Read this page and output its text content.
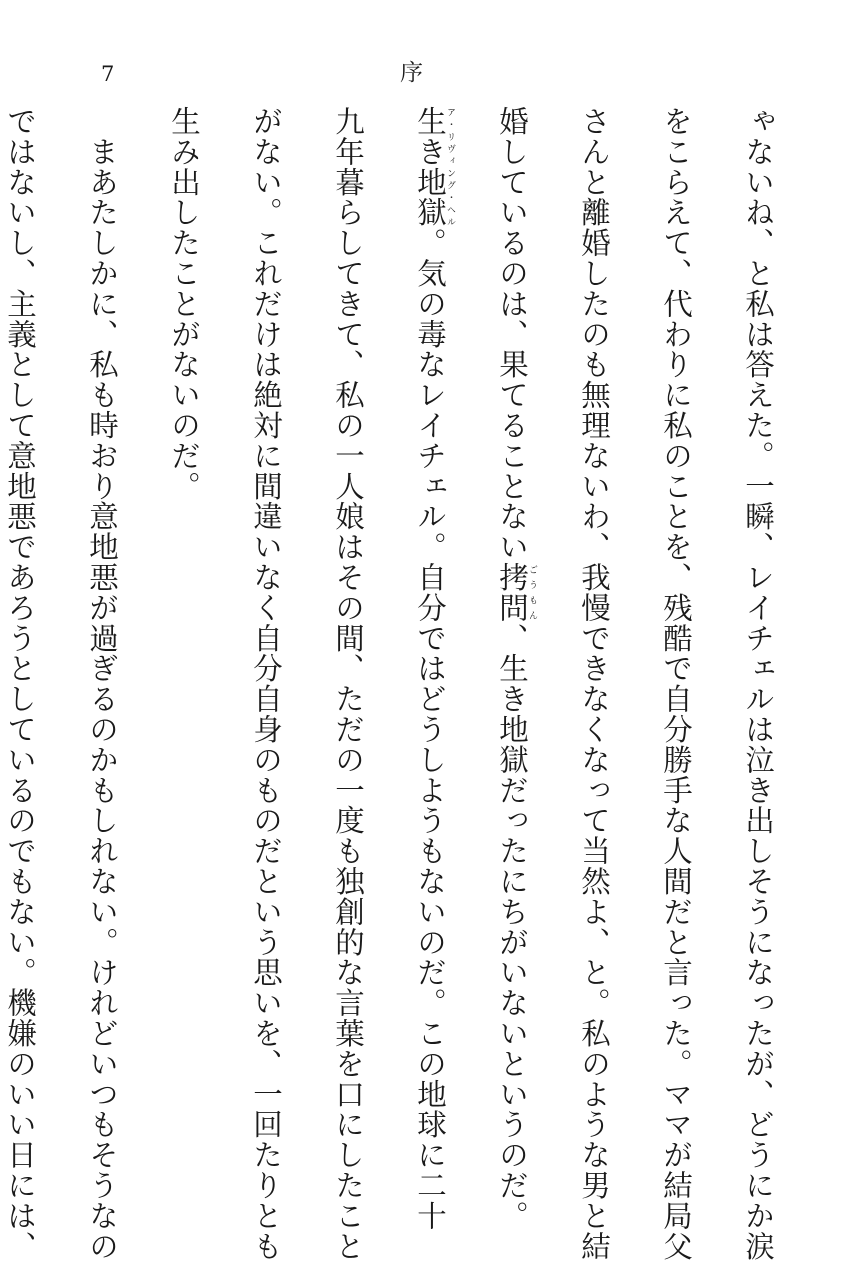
7	序
ゃないね、と私は答えた。一瞬、レイチェルは泣き出しそうになったが、どうにか涙
をこらえて、代わりに私のことを、残酷で自分勝手な人間だと言った。ママが結局父
さんと離婚したのも無理ないわ、我慢できなくなって当然よ、と。私のような男と結
婚しているのは、果てることない拷問ごうもん、生き地獄だったにちがいないというのだ。
生き地獄ア・リヴィング・ヘル。気の毒なレイチェル。自分ではどうしようもないのだ。この地球に二十
九年暮らしてきて、私の一人娘はその間、ただの一度も独創的な言葉を口にしたこと
がない。これだけは絶対に間違いなく自分自身のものだという思いを、一回たりとも
生み出したことがないのだ。
　まあたしかに、私も時おり意地悪が過ぎるのかもしれない。けれどいつもそうなの
ではないし、主義として意地悪であろうとしているのでもない。機嫌のいい日には、
